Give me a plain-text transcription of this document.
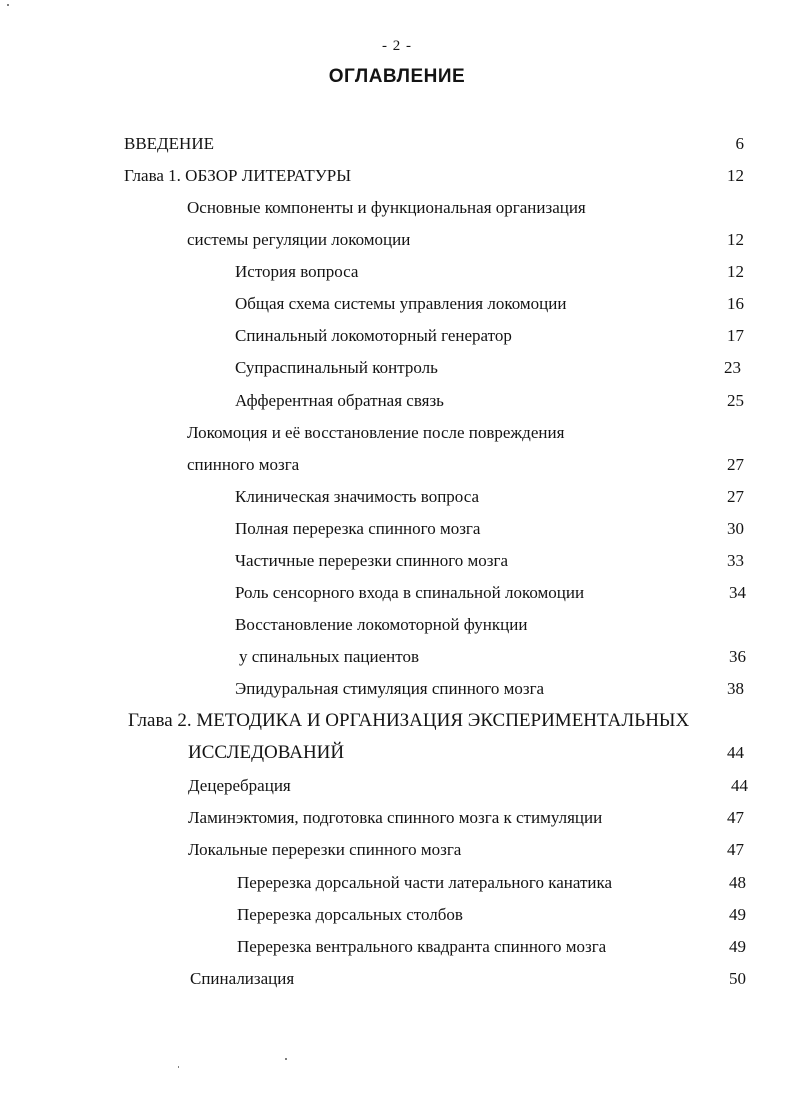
- 2 -
ОГЛАВЛЕНИЕ
ВВЕДЕНИЕ	6
Глава 1. ОБЗОР ЛИТЕРАТУРЫ	12
Основные компоненты и функциональная организация
системы регуляции локомоции	12
История вопроса	12
Общая схема системы управления локомоции	16
Спинальный локомоторный генератор	17
Супраспинальный контроль	23
Афферентная обратная связь	25
Локомоция и её восстановление после повреждения
спинного мозга	27
Клиническая значимость вопроса	27
Полная перерезка спинного мозга	30
Частичные перерезки спинного мозга	33
Роль сенсорного входа в спинальной локомоции	34
Восстановление локомоторной функции
у спинальных пациентов	36
Эпидуральная стимуляция спинного мозга	38
Глава 2. МЕТОДИКА И ОРГАНИЗАЦИЯ ЭКСПЕРИМЕНТАЛЬНЫХ
ИССЛЕДОВАНИЙ	44
Децеребрация	44
Ламинэктомия, подготовка спинного мозга к стимуляции	47
Локальные перерезки спинного мозга	47
Перерезка дорсальной части латерального канатика	48
Перерезка дорсальных столбов	49
Перерезка вентрального квадранта спинного мозга	49
Спинализация	50
